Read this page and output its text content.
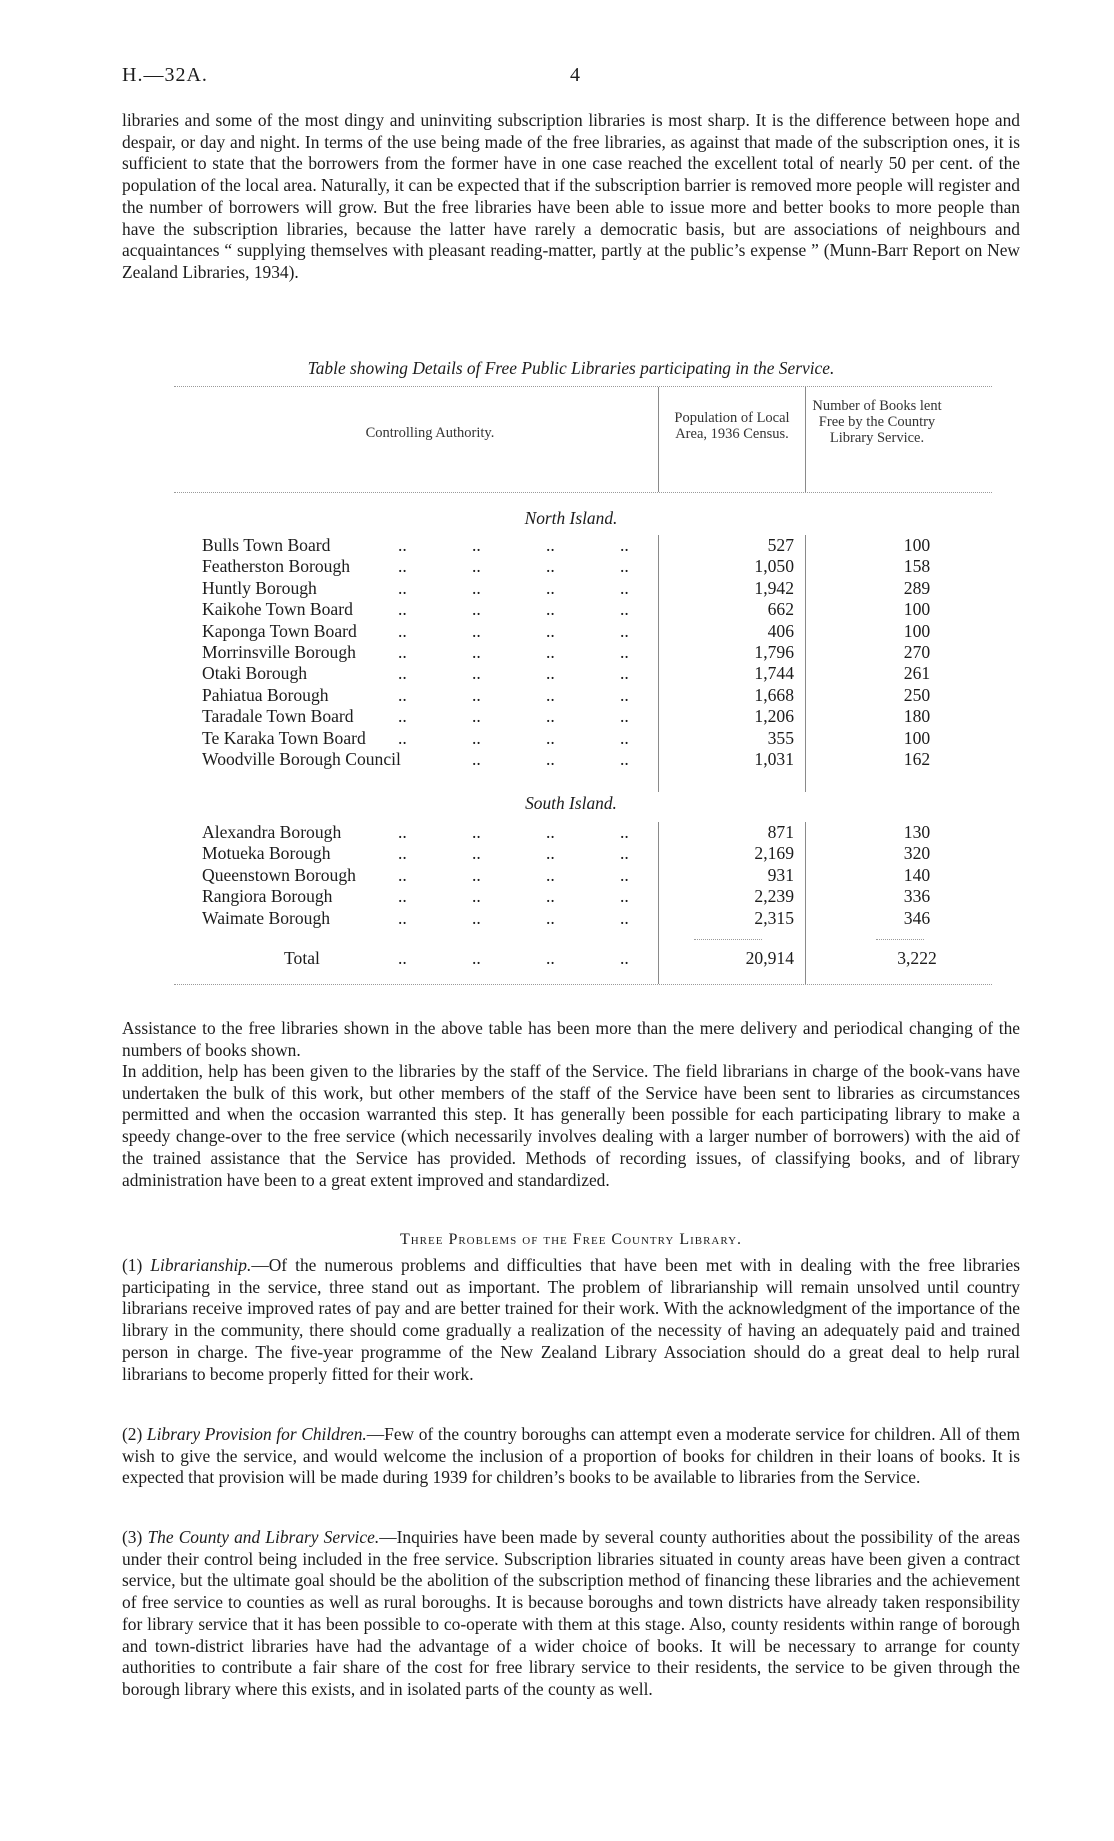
H.—32A.	4

libraries and some of the most dingy and uninviting subscription libraries is most sharp. It is the difference between hope and despair, or day and night. In terms of the use being made of the free libraries, as against that made of the subscription ones, it is sufficient to state that the borrowers from the former have in one case reached the excellent total of nearly 50 per cent. of the population of the local area. Naturally, it can be expected that if the subscription barrier is removed more people will register and the number of borrowers will grow. But the free libraries have been able to issue more and better books to more people than have the subscription libraries, because the latter have rarely a democratic basis, but are associations of neighbours and acquaintances “ supplying themselves with pleasant reading-matter, partly at the public’s expense ” (Munn-Barr Report on New Zealand Libraries, 1934).

Table showing Details of Free Public Libraries participating in the Service.
Controlling Authority.
Population of Local Area, 1936 Census.
Number of Books lent Free by the Country Library Service.
North Island.
Bulls Town Board	..	..	..	..	527	100
Featherston Borough	..	..	..	..	1,050	158
Huntly Borough	..	..	..	..	1,942	289
Kaikohe Town Board	..	..	..	..	662	100
Kaponga Town Board ..	..	..	..	406	100
Morrinsville Borough ..	..	..	..	1,796	270
Otaki Borough	..	..	..	..	1,744	261
Pahiatua Borough	..	..	..	..	1,668	250
Taradale Town Board	..	..	..	..	1,206	180
Te Karaka Town Board ..	..	..	..	355	100
Woodville Borough Council	..	..	..	1,031	162
South Island.
Alexandra Borough	..	..	..	..	871	130
Motueka Borough	..	..	..	..	2,169	320
Queenstown Borough ..	..	..	..	931	140
Rangiora Borough	..	..	..	..	2,239	336
Waimate Borough	..	..	..	..	2,315	346
Total	..	..	..	..	20,914	3,222

Assistance to the free libraries shown in the above table has been more than the mere delivery and periodical changing of the numbers of books shown.

In addition, help has been given to the libraries by the staff of the Service. The field librarians in charge of the book-vans have undertaken the bulk of this work, but other members of the staff of the Service have been sent to libraries as circumstances permitted and when the occasion warranted this step. It has generally been possible for each participating library to make a speedy change-over to the free service (which necessarily involves dealing with a larger number of borrowers) with the aid of the trained assistance that the Service has provided. Methods of recording issues, of classifying books, and of library administration have been to a great extent improved and standardized.

Three Problems of the Free Country Library.

(1) Librarianship.—Of the numerous problems and difficulties that have been met with in dealing with the free libraries participating in the service, three stand out as important. The problem of librarianship will remain unsolved until country librarians receive improved rates of pay and are better trained for their work. With the acknowledgment of the importance of the library in the community, there should come gradually a realization of the necessity of having an adequately paid and trained person in charge. The five-year programme of the New Zealand Library Association should do a great deal to help rural librarians to become properly fitted for their work.

(2) Library Provision for Children.—Few of the country boroughs can attempt even a moderate service for children. All of them wish to give the service, and would welcome the inclusion of a proportion of books for children in their loans of books. It is expected that provision will be made during 1939 for children’s books to be available to libraries from the Service.

(3) The County and Library Service.—Inquiries have been made by several county authorities about the possibility of the areas under their control being included in the free service. Subscription libraries situated in county areas have been given a contract service, but the ultimate goal should be the abolition of the subscription method of financing these libraries and the achievement of free service to counties as well as rural boroughs. It is because boroughs and town districts have already taken responsibility for library service that it has been possible to co-operate with them at this stage. Also, county residents within range of borough and town-district libraries have had the advantage of a wider choice of books. It will be necessary to arrange for county authorities to contribute a fair share of the cost for free library service to their residents, the service to be given through the borough library where this exists, and in isolated parts of the county as well.
